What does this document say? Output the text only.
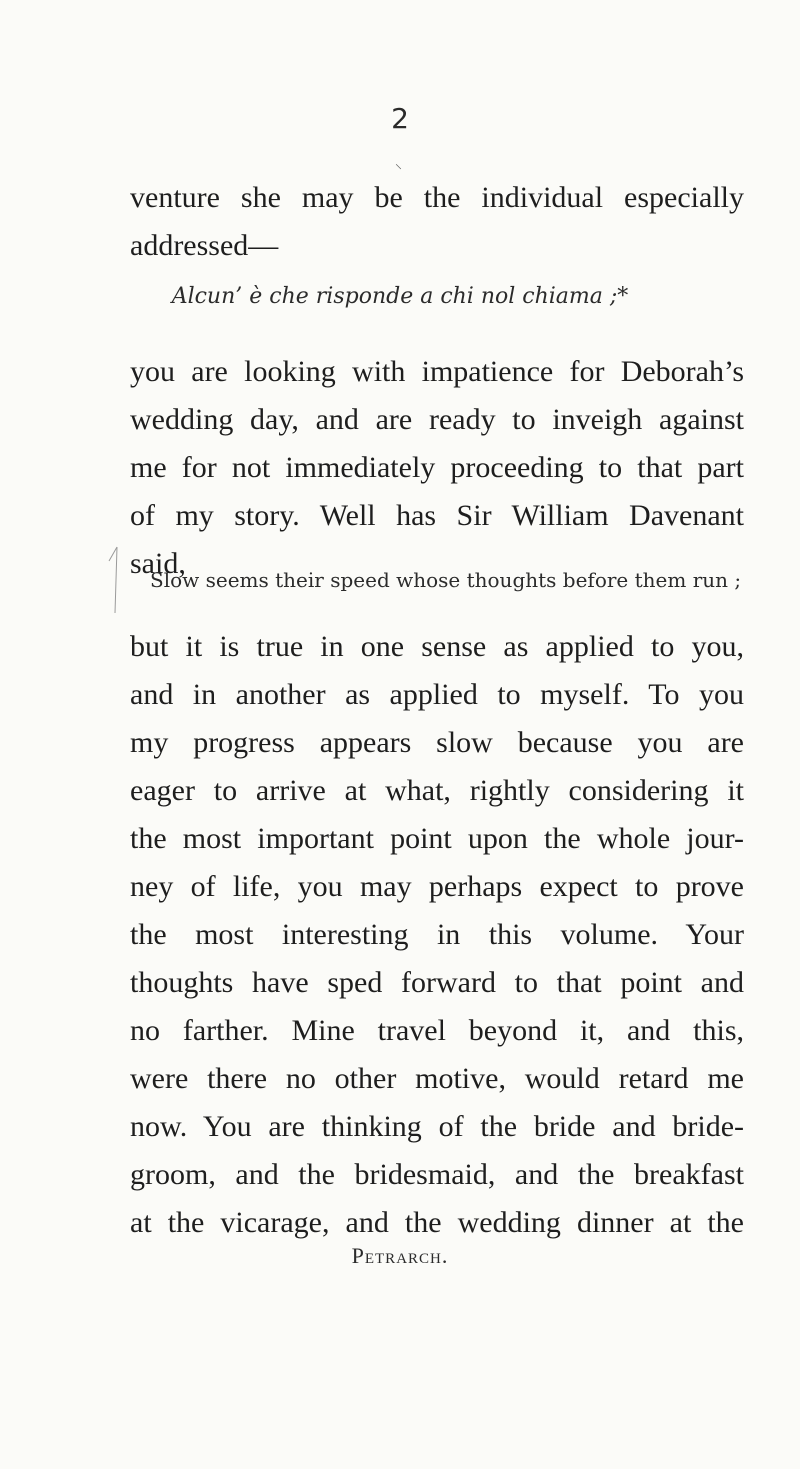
2
⸌
venture she may be the individual especially
addressed—
Alcun’ è che risponde a chi nol chiama ;*
you are looking with impatience for Deborah’s
wedding day, and are ready to inveigh against
me for not immediately proceeding to that part
of my story. Well has Sir William Davenant
said,
Slow seems their speed whose thoughts before them run ;
but it is true in one sense as applied to you,
and in another as applied to myself. To you
my progress appears slow because you are
eager to arrive at what, rightly considering it
the most important point upon the whole jour-
ney of life, you may perhaps expect to prove
the most interesting in this volume. Your
thoughts have sped forward to that point and
no farther. Mine travel beyond it, and this,
were there no other motive, would retard me
now. You are thinking of the bride and bride-
groom, and the bridesmaid, and the breakfast
at the vicarage, and the wedding dinner at the
Petrarch.
